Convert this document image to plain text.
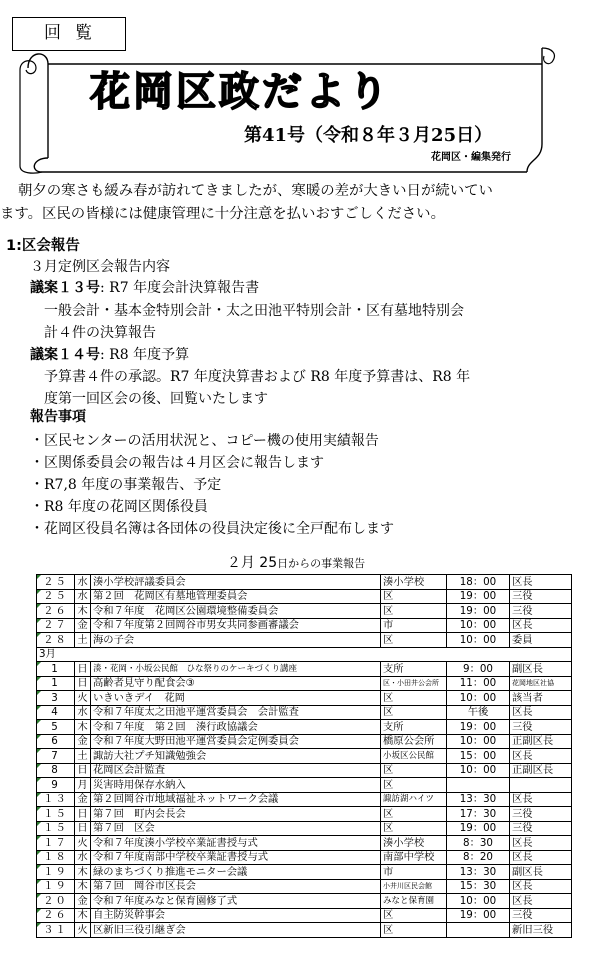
回覧
花岡区政だより
第41号（令和８年３月25日）
花岡区・編集発行
朝夕の寒さも緩み春が訪れてきましたが、寒暖の差が大きい日が続いてい
ます。区民の皆様には健康管理に十分注意を払いおすごしください。
1:区会報告
３月定例区会報告内容
議案１３号: R7 年度会計決算報告書
一般会計・基本金特別会計・太之田池平特別会計・区有墓地特別会
計４件の決算報告
議案１４号: R8 年度予算
予算書４件の承認。R7 年度決算書および R8 年度予算書は、R8 年
度第一回区会の後、回覧いたします
報告事項
・区民センターの活用状況と、コピー機の使用実績報告
・区関係委員会の報告は４月区会に報告します
・R7,8 年度の事業報告、予定
・R8 年度の花岡区関係役員
・花岡区役員名簿は各団体の役員決定後に全戸配布します
２月 25日からの事業報告
２５	水	湊小学校評議委員会	湊小学校	18：00	区長
２５	水	第２回　花岡区有墓地管理委員会	区	19：00	三役
２６	木	令和７年度　花岡区公園環境整備委員会	区	19：00	三役
２７	金	令和７年度第２回岡谷市男女共同参画審議会	市	10：00	区長
２８	土	海の子会	区	10：00	委員
3月					
1	日	湊・花岡・小坂公民館　ひな祭りのケーキづくり講座	支所	9：00	副区長
1	日	高齢者見守り配食会③	区・小田井公会所	11：00	花岡地区社協
3	火	いきいきデイ　花岡	区	10：00	該当者
4	水	令和７年度太之田池平運営委員会　会計監査	区	午後	区長
5	木	令和７年度　第２回　湊行政協議会	支所	19：00	三役
6	金	令和７年度大野田池平運営委員会定例委員会	橋原公会所	10：00	正副区長
7	土	諏訪大社プチ知識勉強会	小坂区公民館	15：00	区長
8	日	花岡区会計監査	区	10：00	正副区長
9	月	災害時用保存水納入	区		
１３	金	第２回岡谷市地域福祉ネットワーク会議	諏訪湖ハイツ	13：30	区長
１５	日	第７回　町内会長会	区	17：30	三役
１５	日	第７回　区会	区	19：00	三役
１７	火	令和７年度湊小学校卒業証書授与式	湊小学校	8：30	区長
１８	水	令和７年度南部中学校卒業証書授与式	南部中学校	8：20	区長
１９	木	緑のまちづくり推進モニター会議	市	13：30	副区長
１９	木	第７回　岡谷市区長会	小井川区民会館	15：30	区長
２０	金	令和７年度みなと保育園修了式	みなと保育園	10：00	区長
２６	木	自主防災幹事会	区	19：00	三役
３１	火	区新旧三役引継ぎ会	区		新旧三役
